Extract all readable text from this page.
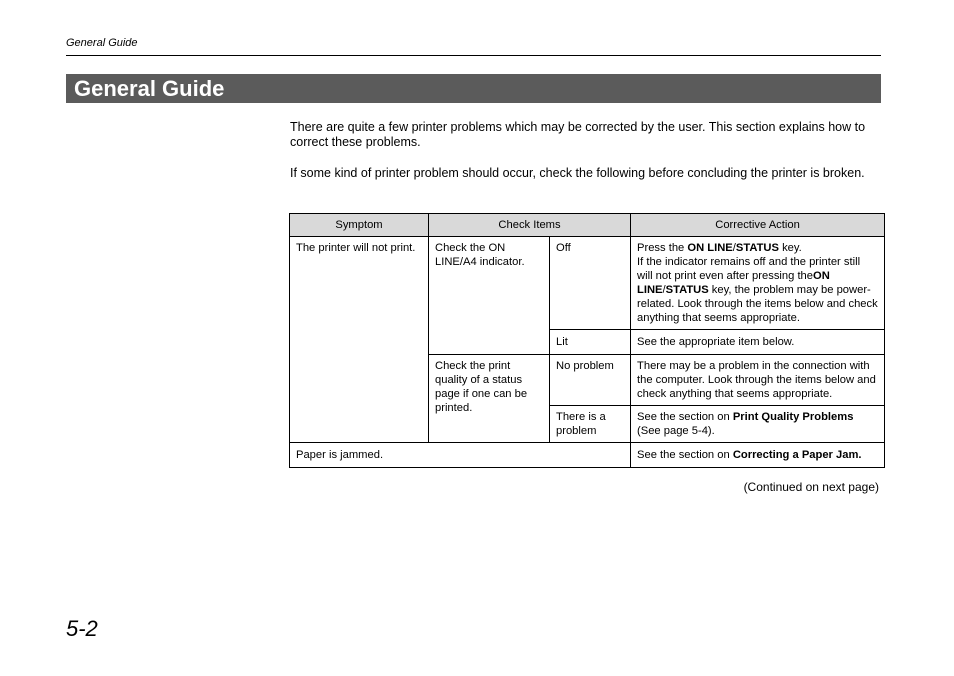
General Guide
General Guide

There are quite a few printer problems which may be corrected by the user. This section explains how to correct these problems.

If some kind of printer problem should occur, check the following before concluding the printer is broken.

Symptom	Check Items		Corrective Action
The printer will not print.	Check the ON LINE/A4 indicator.	Off	Press the ON LINE/STATUS key.
If the indicator remains off and the printer still will not print even after pressing theON LINE/STATUS key, the problem may be power-related. Look through the items below and check anything that seems appropriate.
		Lit	See the appropriate item below.
	Check the print quality of a status page if one can be printed.	No problem	There may be a problem in the connection with the computer. Look through the items below and check anything that seems appropriate.
		There is a problem	See the section on Print Quality Problems
(See page 5-4).
Paper is jammed.			See the section on Correcting a Paper Jam.
(Continued on next page)
5-2
